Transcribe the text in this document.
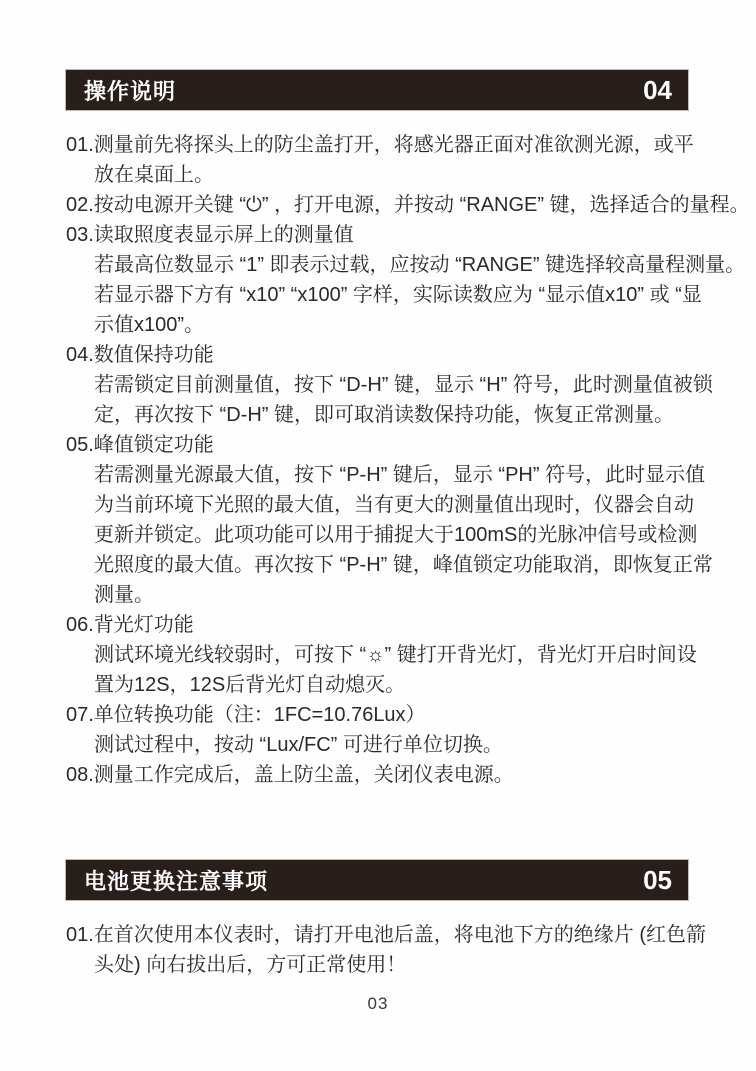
操作说明	04
01.测量前先将探头上的防尘盖打开，将感光器正面对准欲测光源，或平
放在桌面上。
02.按动电源开关键 “⏻” ，打开电源，并按动 “RANGE” 键，选择适合的量程。
03.读取照度表显示屏上的测量值
若最高位数显示 “1” 即表示过载，应按动 “RANGE” 键选择较高量程测量。
若显示器下方有 “x10” “x100” 字样，实际读数应为 “显示值x10” 或 “显
示值x100”。
04.数值保持功能
若需锁定目前测量值，按下 “D-H” 键，显示 “H” 符号，此时测量值被锁
定，再次按下 “D-H” 键，即可取消读数保持功能，恢复正常测量。
05.峰值锁定功能
若需测量光源最大值，按下 “P-H” 键后，显示 “PH” 符号，此时显示值
为当前环境下光照的最大值，当有更大的测量值出现时，仪器会自动
更新并锁定。此项功能可以用于捕捉大于100mS的光脉冲信号或检测
光照度的最大值。再次按下 “P-H” 键，峰值锁定功能取消，即恢复正常
测量。
06.背光灯功能
测试环境光线较弱时，可按下 “☼” 键打开背光灯，背光灯开启时间设
置为12S，12S后背光灯自动熄灭。
07.单位转换功能（注：1FC=10.76Lux）
测试过程中，按动 “Lux/FC” 可进行单位切换。
08.测量工作完成后，盖上防尘盖，关闭仪表电源。
电池更换注意事项	05
01.在首次使用本仪表时，请打开电池后盖，将电池下方的绝缘片 (红色箭
头处) 向右拔出后，方可正常使用！
03
